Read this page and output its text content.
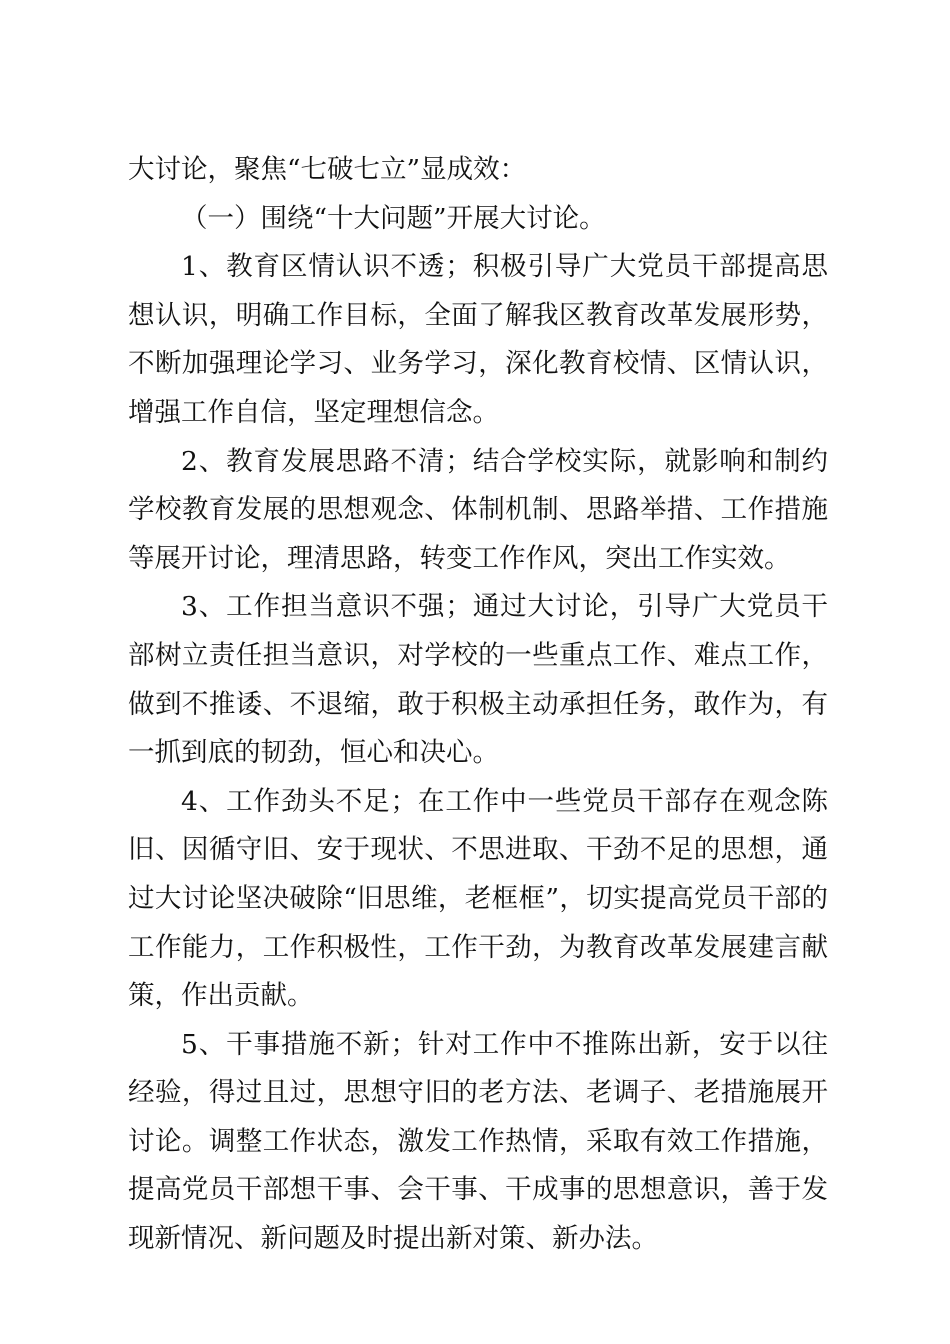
大讨论，聚焦“七破七立”显成效：

（一）围绕“十大问题”开展大讨论。

1、教育区情认识不透；积极引导广大党员干部提高思想认识，明确工作目标，全面了解我区教育改革发展形势，不断加强理论学习、业务学习，深化教育校情、区情认识，增强工作自信，坚定理想信念。

2、教育发展思路不清；结合学校实际，就影响和制约学校教育发展的思想观念、体制机制、思路举措、工作措施等展开讨论，理清思路，转变工作作风，突出工作实效。

3、工作担当意识不强；通过大讨论，引导广大党员干部树立责任担当意识，对学校的一些重点工作、难点工作，做到不推诿、不退缩，敢于积极主动承担任务，敢作为，有一抓到底的韧劲，恒心和决心。

4、工作劲头不足；在工作中一些党员干部存在观念陈旧、因循守旧、安于现状、不思进取、干劲不足的思想，通过大讨论坚决破除“旧思维，老框框”，切实提高党员干部的工作能力，工作积极性，工作干劲，为教育改革发展建言献策，作出贡献。

5、干事措施不新；针对工作中不推陈出新，安于以往经验，得过且过，思想守旧的老方法、老调子、老措施展开讨论。调整工作状态，激发工作热情，采取有效工作措施，提高党员干部想干事、会干事、干成事的思想意识，善于发现新情况、新问题及时提出新对策、新办法。
